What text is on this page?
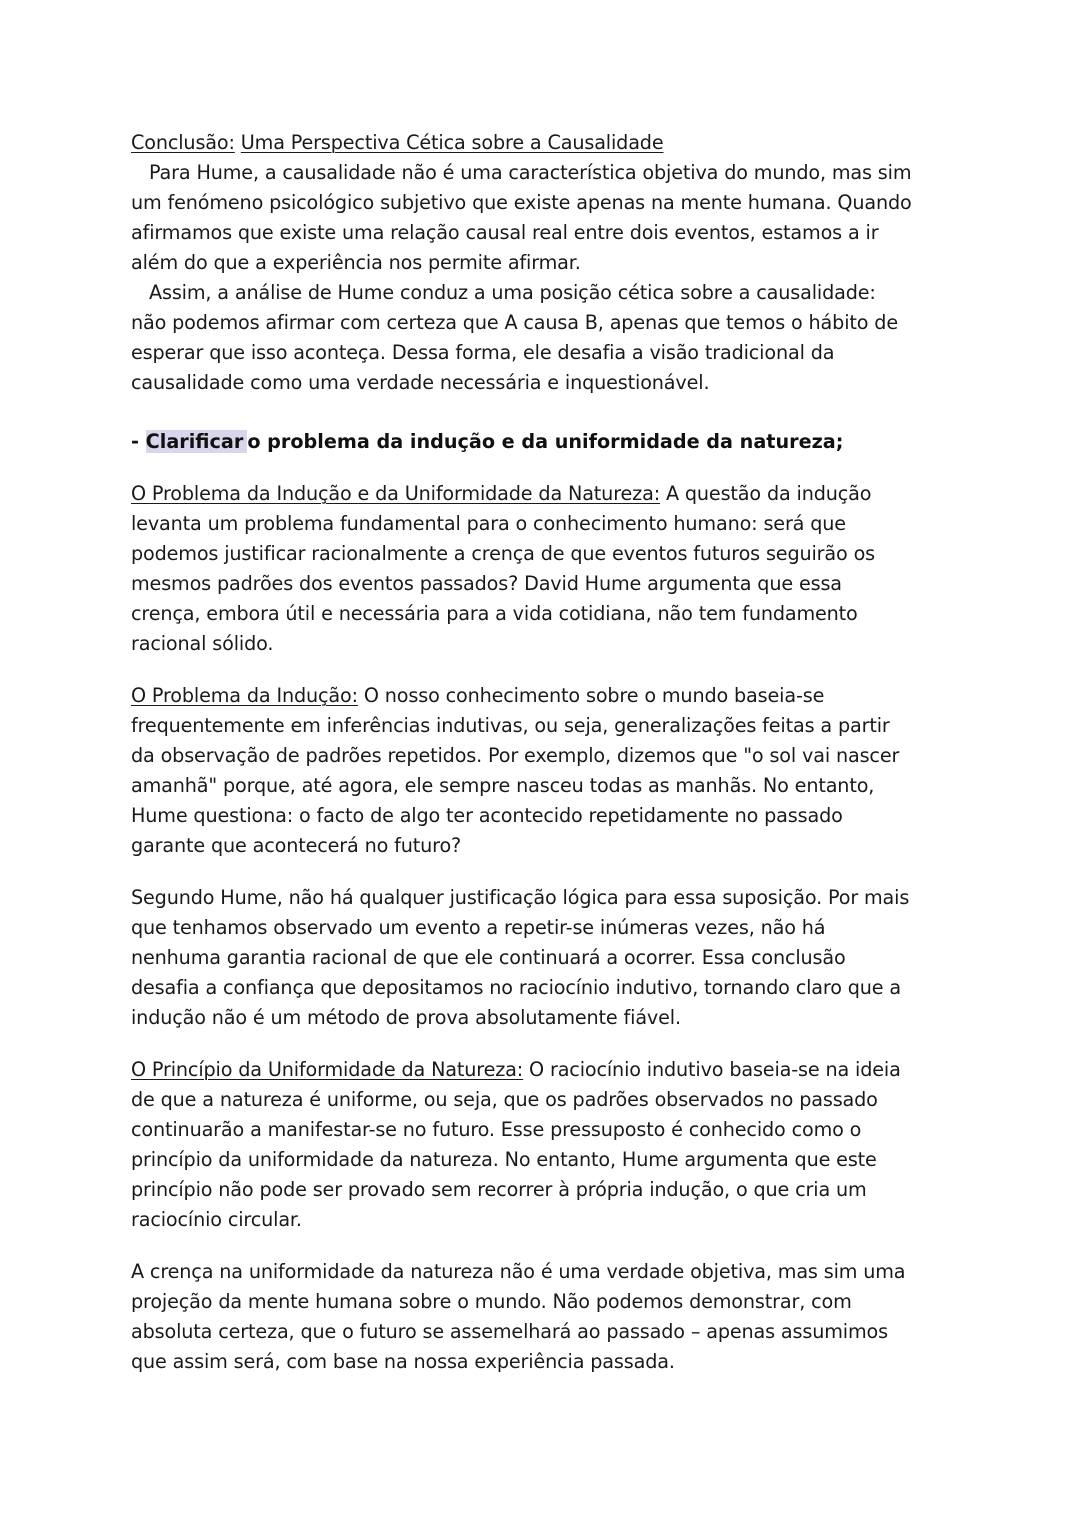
Conclusão: Uma Perspectiva Cética sobre a Causalidade
Para Hume, a causalidade não é uma característica objetiva do mundo, mas sim
um fenómeno psicológico subjetivo que existe apenas na mente humana. Quando
afirmamos que existe uma relação causal real entre dois eventos, estamos a ir
além do que a experiência nos permite afirmar.
Assim, a análise de Hume conduz a uma posição cética sobre a causalidade:
não podemos afirmar com certeza que A causa B, apenas que temos o hábito de
esperar que isso aconteça. Dessa forma, ele desafia a visão tradicional da
causalidade como uma verdade necessária e inquestionável.
- Clarificar o problema da indução e da uniformidade da natureza;
O Problema da Indução e da Uniformidade da Natureza: A questão da indução
levanta um problema fundamental para o conhecimento humano: será que
podemos justificar racionalmente a crença de que eventos futuros seguirão os
mesmos padrões dos eventos passados? David Hume argumenta que essa
crença, embora útil e necessária para a vida cotidiana, não tem fundamento
racional sólido.
O Problema da Indução: O nosso conhecimento sobre o mundo baseia-se
frequentemente em inferências indutivas, ou seja, generalizações feitas a partir
da observação de padrões repetidos. Por exemplo, dizemos que "o sol vai nascer
amanhã" porque, até agora, ele sempre nasceu todas as manhãs. No entanto,
Hume questiona: o facto de algo ter acontecido repetidamente no passado
garante que acontecerá no futuro?
Segundo Hume, não há qualquer justificação lógica para essa suposição. Por mais
que tenhamos observado um evento a repetir-se inúmeras vezes, não há
nenhuma garantia racional de que ele continuará a ocorrer. Essa conclusão
desafia a confiança que depositamos no raciocínio indutivo, tornando claro que a
indução não é um método de prova absolutamente fiável.
O Princípio da Uniformidade da Natureza: O raciocínio indutivo baseia-se na ideia
de que a natureza é uniforme, ou seja, que os padrões observados no passado
continuarão a manifestar-se no futuro. Esse pressuposto é conhecido como o
princípio da uniformidade da natureza. No entanto, Hume argumenta que este
princípio não pode ser provado sem recorrer à própria indução, o que cria um
raciocínio circular.
A crença na uniformidade da natureza não é uma verdade objetiva, mas sim uma
projeção da mente humana sobre o mundo. Não podemos demonstrar, com
absoluta certeza, que o futuro se assemelhará ao passado – apenas assumimos
que assim será, com base na nossa experiência passada.
